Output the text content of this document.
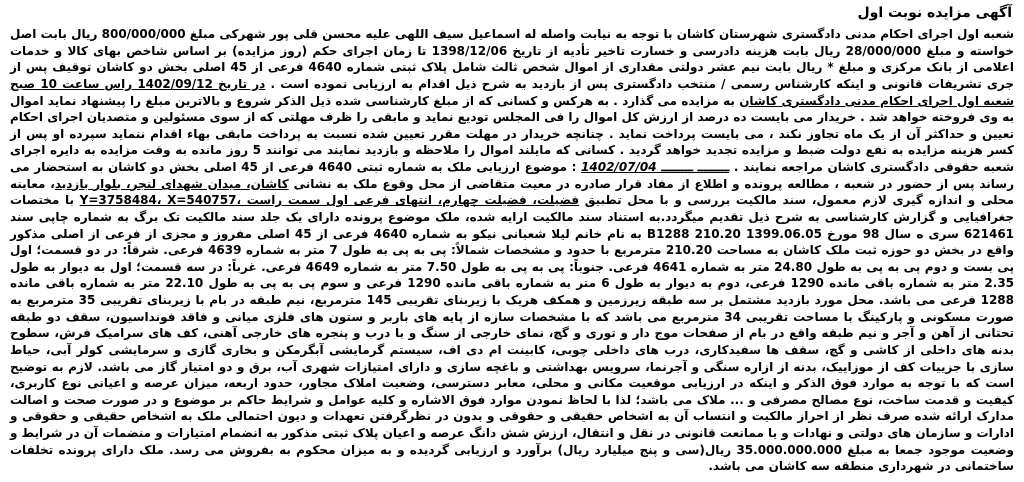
آگهی مزایده نوبت اول

شعبه اول اجرای احکام مدنی دادگستری شهرستان کاشان با توجه به نیابت واصله له اسماعیل سیف اللهی علیه محسن قلی پور شهرکی مبلغ 800/000/000 ریال بابت اصل خواسته و مبلغ 28/000/000 ریال بابت هزینه دادرسی و خسارت تاخیر تأدیه از تاریخ 1398/12/06 تا زمان اجرای حکم (روز مزایده) بر اساس شاخص بهای کالا و خدمات اعلامی از بانک مرکزی و مبلغ * ریال بابت نیم عشر دولتی مقداری از اموال شخص ثالث شامل پلاک ثبتی شماره 4640 فرعی از 45 اصلی بخش دو کاشان توقیف پس از جری تشریفات قانونی و اینکه کارشناس رسمی / منتخب دادگستری پس از بازدید به شرح ذیل اقدام به ارزیابی نموده است . در تاریخ 1402/09/12 راس ساعت 10 صبح شعبه اول اجرای احکام مدنی دادگستری کاشان به مزایده می گذارد . به هرکس و کسانی که از مبلغ کارشناسی شده ذیل الذکر شروع و بالاترین مبلغ را پیشنهاد نماید اموال به وی فروخته خواهد شد . خریدار می بایست ده درصد از ارزش کل اموال را فی المجلس تودیع نماید و مابقی را ظرف مهلتی که از سوی مسئولین و متصدیان اجرای احکام تعیین و حداکثر آن از یک ماه تجاوز نکند ، می بایست پرداخت نماید . چنانچه خریدار در مهلت مقرر تعیین شده نسبت به پرداخت مابقی بهاء اقدام ننماید سپرده او پس از کسر هزینه مزایده به نفع دولت ضبط و مزایده تجدید خواهد گردید . کسانی که مایلند اموال را ملاحظه و بازدید نمایند می توانند 5 روز مانده به وقت مزایده به دایره اجرای شعبه حقوقی دادگستری کاشان مراجعه نمایند . ـــــــــ ـــــــــ 1402/07/04 : موضوع ارزیابی ملک به شماره ثبتی 4640 فرعی از 45 اصلی بخش دو کاشان به استحضار می رساند پس از حضور در شعبه ، مطالعه پرونده و اطلاع از مفاد قرار صادره در معیت متقاضی از محل وقوع ملک به نشانی کاشان، میدان شهدای لنجر، بلوار بازدید، معاینه محلی و اندازه گیری لازم معمول، سند مالکیت بررسی و با محل تطبیق Y=3758484، X=540757، فضیلت، فضیلت چهارم، انتهای فرعی اول سمت راست با مختصات جغرافیایی و گزارش کارشناسی به شرح ذیل تقدیم میگردد.به استناد سند مالکیت ارایه شده، ملک موضوع پرونده دارای یک جلد سند مالکیت تک برگ به شماره چاپی سند 621461 سری ه سال 98 مورخ 1399.06.05 B1288 210.20 به نام خانم لیلا شعبانی نیکو به شماره 4640 فرعی از 45 اصلی مفروز و مجزی از فرعی از اصلی مذکور واقع در بخش دو حوزه ثبت ملک کاشان به مساحت 210.20 مترمربع با حدود و مشخصات شمالاً: پی به پی به طول 7 متر به شماره 4639 فرعی. شرقاً: در دو قسمت؛ اول پی بست و دوم پی به پی به طول 24.80 متر به شماره 4641 فرعی. جنوباً: پی به پی به طول 7.50 متر به شماره 4649 فرعی. غرباً: در سه قسمت؛ اول به دیوار به طول 2.35 متر به شماره باقی مانده 1290 فرعی، دوم به دیوار به طول 6 متر به شماره باقی مانده 1290 فرعی و سوم پی به پی به طول 22.10 متر به شماره باقی مانده 1288 فرعی می باشد. محل مورد بازدید مشتمل بر سه طبقه زیرزمین و همکف هریک با زیربنای تقریبی 145 مترمربع، نیم طبقه در بام با زیربنای تقریبی 35 مترمربع به صورت مسکونی و پارکینگ با مساحت تقریبی 34 مترمربع می باشد که با مشخصات سازه از پایه های باربر و ستون های فلزی میانی و فاقد فونداسیون، سقف دو طبقه تحتانی از آهن و آجر و نیم طبقه واقع در بام از صفحات موج دار و توری و گچ، نمای خارجی از سنگ و با درب و پنجره های خارجی آهنی، کف های سرامیک فرش، سطوح بدنه های داخلی از کاشی و گچ، سقف ها سفیدکاری، درب های داخلی چوبی، کابینت ام دی اف، سیستم گرمایشی آبگرمکن و بخاری گازی و سرمایشی کولر آبی، حیاط سازی با جزییات کف از موزاییک، بدنه از ازاره سنگی و آجرنما، سرویس بهداشتی و باغچه سازی و دارای امتیازات شهری آب، برق و دو امتیاز گاز می باشد. لازم به توضیح است که با توجه به موارد فوق الذکر و اینکه در ارزیابی موقعیت مکانی و محلی، معابر دسترسی، وضعیت املاک مجاور، حدود اربعه، میزان عرصه و اعیانی نوع کاربری، کیفیت و قدمت ساخت، نوع مصالح مصرفی و ... ملاک می باشد؛ لذا با لحاظ نمودن موارد فوق الاشاره و کلیه عوامل و شرایط حاکم بر موضوع و در صورت صحت و اصالت مدارک ارائه شده صرف نظر از احراز مالکیت و انتساب آن به اشخاص حقیقی و حقوقی و بدون در نظرگرفتن تعهدات و دیون احتمالی ملک به اشخاص حقیقی و حقوقی و ادارات و سازمان های دولتی و نهادات و یا ممانعت قانونی در نقل و انتقال، ارزش شش دانگ عرصه و اعیان پلاک ثبتی مذکور به انضمام امتیازات و منضمات آن در شرایط و وضعیت موجود جمعا به مبلغ 35.000.000.000 ریال(سی و پنج میلیارد ریال) برآورد و ارزیابی گردیده و به میزان محکوم به بفروش می رسد. ملک دارای پرونده تخلفات ساختمانی در شهرداری منطقه سه کاشان می باشد.
